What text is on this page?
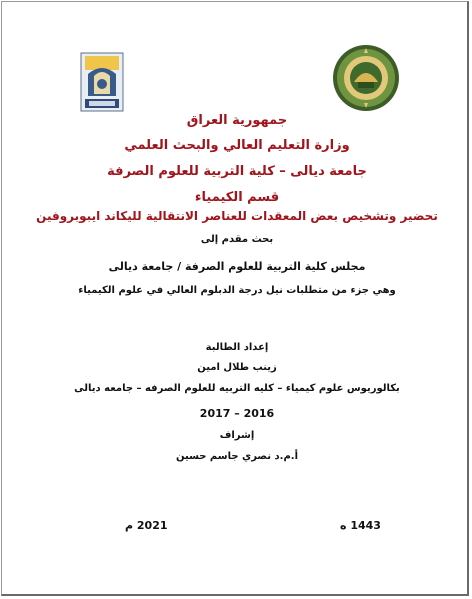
جمهورية العراق
وزارة التعليم العالي والبحث العلمي
جامعة ديالى – كلية التربية للعلوم الصرفة
قسم الكيمياء
تحضير وتشخيص بعض المعقدات للعناصر الانتقالية لليكاند ايبوبروفين
بحث مقدم إلى
مجلس كلية التربية للعلوم الصرفة / جامعة ديالى
وهي جزء من متطلبات نيل درجة الدبلوم العالي في علوم الكيمياء
إعداد الطالبة
زينب طلال امين
بكالوريوس علوم كيمياء – كليه التربيه للعلوم الصرفه – جامعه ديالى
2017 – 2016
إشراف
أ.م.د نصري جاسم حسين
1443 ه
2021 م
